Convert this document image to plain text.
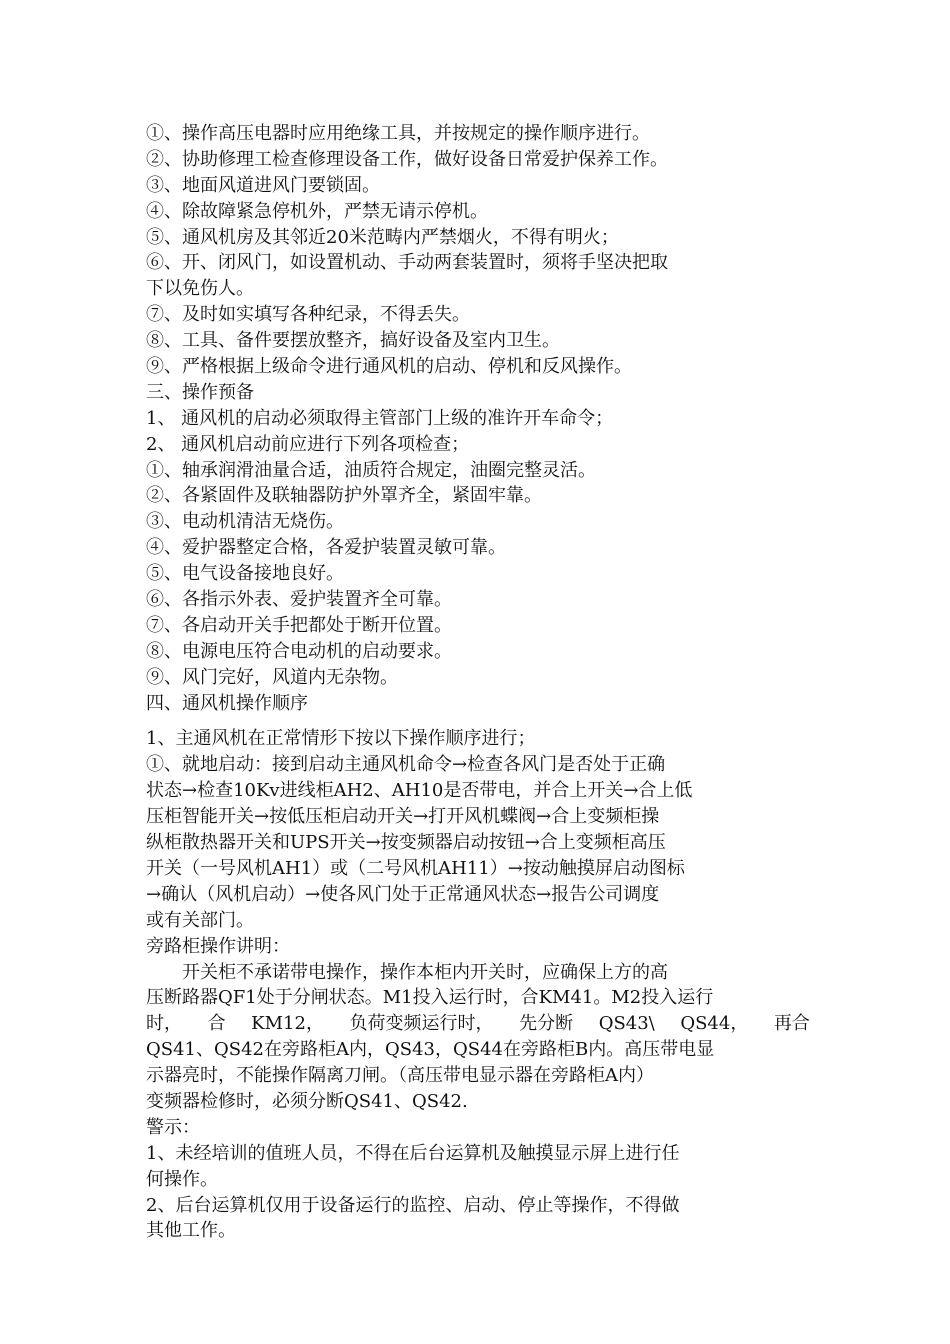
①、操作高压电器时应用绝缘工具，并按规定的操作顺序进行。
②、协助修理工检查修理设备工作，做好设备日常爱护保养工作。
③、地面风道进风门要锁固。
④、除故障紧急停机外，严禁无请示停机。
⑤、通风机房及其邻近20米范畴内严禁烟火，不得有明火；
⑥、开、闭风门，如设置机动、手动两套装置时，须将手坚决把取
下以免伤人。
⑦、及时如实填写各种纪录，不得丢失。
⑧、工具、备件要摆放整齐，搞好设备及室内卫生。
⑨、严格根据上级命令进行通风机的启动、停机和反风操作。
三、操作预备
1、 通风机的启动必须取得主管部门上级的准许开车命令；
2、 通风机启动前应进行下列各项检查；
①、轴承润滑油量合适，油质符合规定，油圈完整灵活。
②、各紧固件及联轴器防护外罩齐全，紧固牢靠。
③、电动机清洁无烧伤。
④、爱护器整定合格，各爱护装置灵敏可靠。
⑤、电气设备接地良好。
⑥、各指示外表、爱护装置齐全可靠。
⑦、各启动开关手把都处于断开位置。
⑧、电源电压符合电动机的启动要求。
⑨、风门完好，风道内无杂物。
四、通风机操作顺序
1、主通风机在正常情形下按以下操作顺序进行；
①、就地启动：接到启动主通风机命令→检查各风门是否处于正确
状态→检查10Kv进线柜AH2、AH10是否带电，并合上开关→合上低
压柜智能开关→按低压柜启动开关→打开风机蝶阀→合上变频柜操
纵柜散热器开关和UPS开关→按变频器启动按钮→合上变频柜高压
开关（一号风机AH1）或（二号风机AH11）→按动触摸屏启动图标
→确认（风机启动）→使各风门处于正常通风状态→报告公司调度
或有关部门。
旁路柜操作讲明：
开关柜不承诺带电操作，操作本柜内开关时，应确保上方的高
压断路器QF1处于分闸状态。M1投入运行时，合KM41。M2投入运行
时， 合 KM12， 负荷变频运行时， 先分断 QS43\ QS44， 再合
QS41、QS42在旁路柜A内，QS43，QS44在旁路柜B内。高压带电显
示器亮时，不能操作隔离刀闸。（高压带电显示器在旁路柜A内）
变频器检修时，必须分断QS41、QS42.
警示：
1、未经培训的值班人员，不得在后台运算机及触摸显示屏上进行任
何操作。
2、后台运算机仅用于设备运行的监控、启动、停止等操作，不得做
其他工作。
